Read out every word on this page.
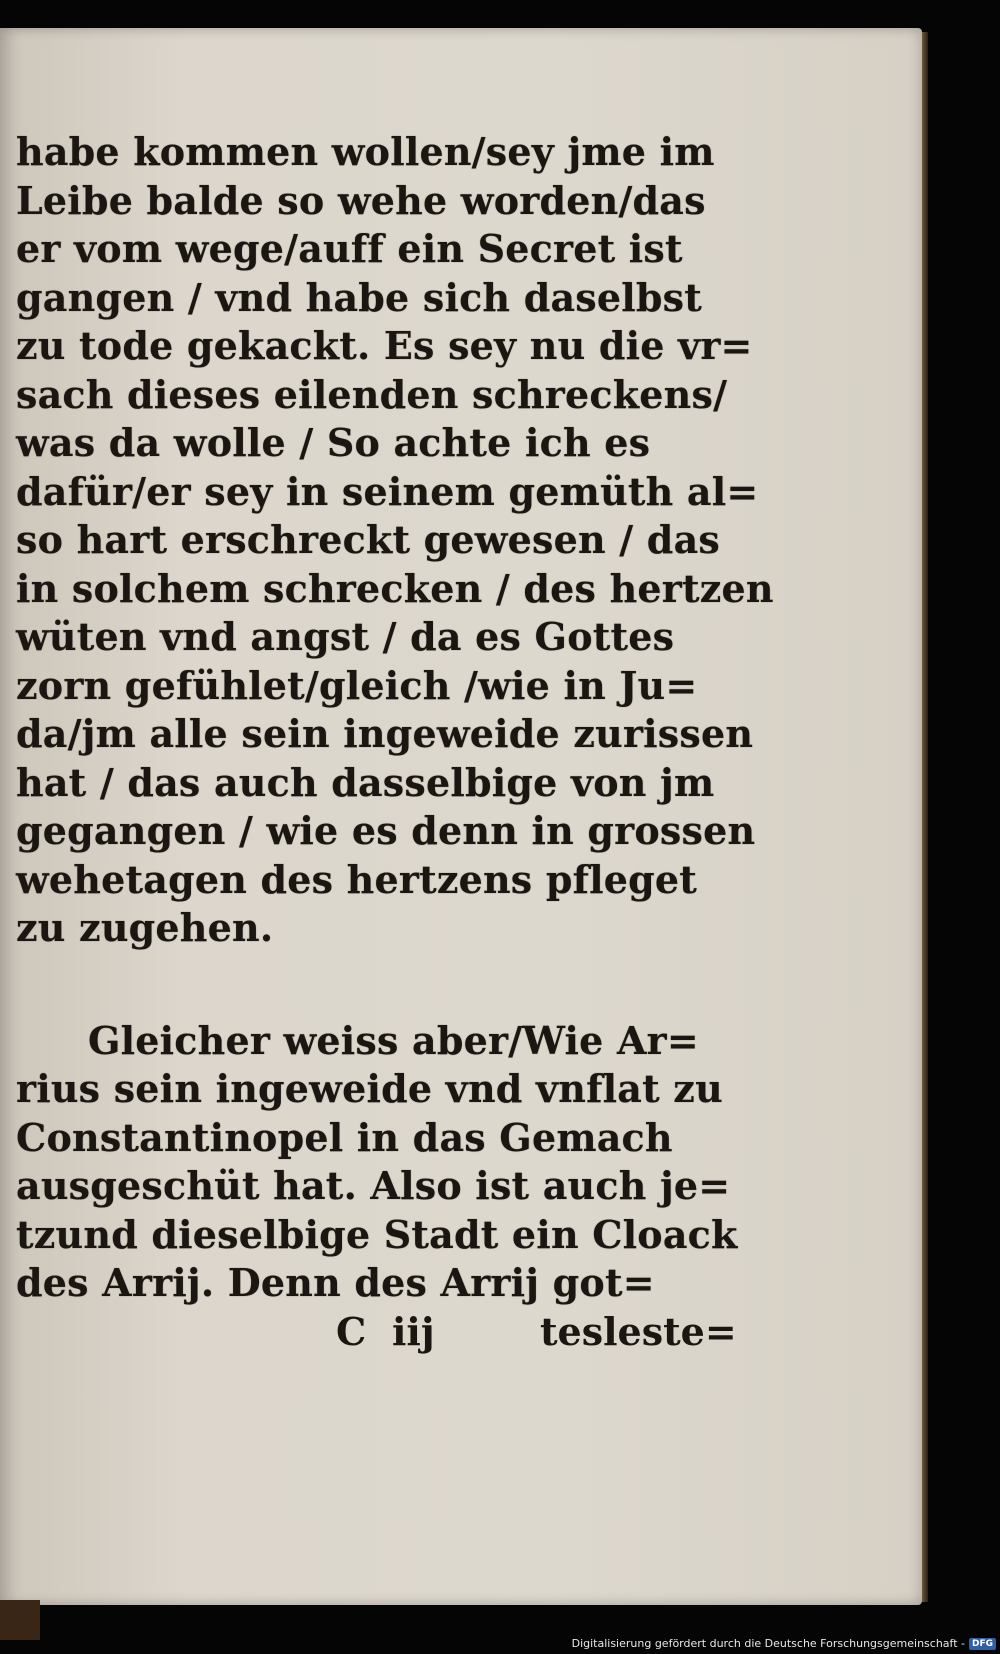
habe kommen wollen/sey jme im
Leibe balde so wehe worden/das
er vom wege/auff ein Secret ist
gangen / vnd habe sich daselbst
zu tode gekackt. Es sey nu die vr=
sach dieses eilenden schreckens/
was da wolle / So achte ich es
dafür/er sey in seinem gemüth al=
so hart erschreckt gewesen / das
in solchem schrecken / des hertzen
wüten vnd angst / da es Gottes
zorn gefühlet/gleich /wie in Ju=
da/jm alle sein ingeweide zurissen
hat / das auch dasselbige von jm
gegangen / wie es denn in grossen
wehetagen des hertzens pfleget
zu zugehen.
Gleicher weiss aber/Wie Ar=
rius sein ingeweide vnd vnflat zu
Constantinopel in das Gemach
ausgeschüt hat. Also ist auch je=
tzund dieselbige Stadt ein Cloack
des Arrij. Denn des Arrij got=
C iij	tesleste=
Digitalisierung gefördert durch die Deutsche Forschungsgemeinschaft - DFG
